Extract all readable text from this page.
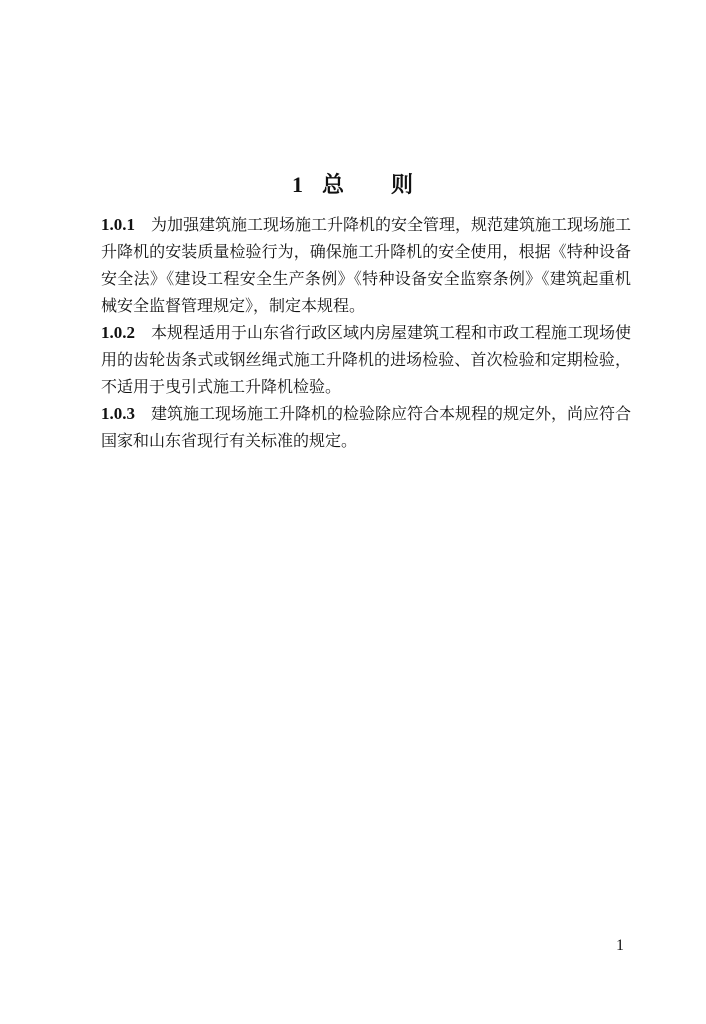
1 总　　则

1.0.1 为加强建筑施工现场施工升降机的安全管理，规范建筑施工现场施工升降机的安装质量检验行为，确保施工升降机的安全使用，根据《特种设备安全法》《建设工程安全生产条例》《特种设备安全监察条例》《建筑起重机械安全监督管理规定》，制定本规程。

1.0.2 本规程适用于山东省行政区域内房屋建筑工程和市政工程施工现场使用的齿轮齿条式或钢丝绳式施工升降机的进场检验、首次检验和定期检验，不适用于曳引式施工升降机检验。

1.0.3 建筑施工现场施工升降机的检验除应符合本规程的规定外，尚应符合国家和山东省现行有关标准的规定。

1
